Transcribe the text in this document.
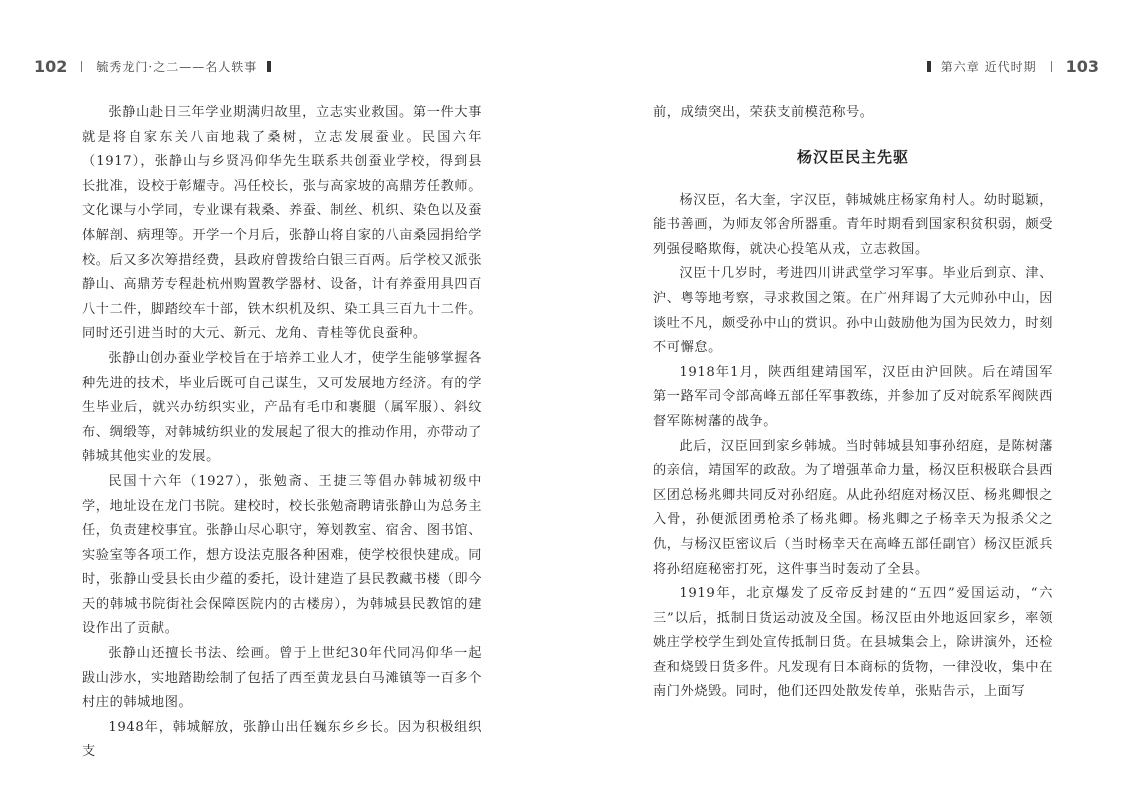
102 毓秀龙门·之二——名人轶事

张静山赴日三年学业期满归故里，立志实业救国。第一件大事就是将自家东关八亩地栽了桑树，立志发展蚕业。民国六年（1917），张静山与乡贤冯仰华先生联系共创蚕业学校，得到县长批准，设校于彰耀寺。冯任校长，张与高家坡的高鼎芳任教师。文化课与小学同，专业课有栽桑、养蚕、制丝、机织、染色以及蚕体解剖、病理等。开学一个月后，张静山将自家的八亩桑园捐给学校。后又多次筹措经费，县政府曾拨给白银三百两。后学校又派张静山、高鼎芳专程赴杭州购置教学器材、设备，计有养蚕用具四百八十二件，脚踏绞车十部，铁木织机及织、染工具三百九十二件。同时还引进当时的大元、新元、龙角、青桂等优良蚕种。

张静山创办蚕业学校旨在于培养工业人才，使学生能够掌握各种先进的技术，毕业后既可自己谋生，又可发展地方经济。有的学生毕业后，就兴办纺织实业，产品有毛巾和裹腿（属军服）、斜纹布、绸缎等，对韩城纺织业的发展起了很大的推动作用，亦带动了韩城其他实业的发展。

民国十六年（1927），张勉斋、王捷三等倡办韩城初级中学，地址设在龙门书院。建校时，校长张勉斋聘请张静山为总务主任，负责建校事宜。张静山尽心职守，筹划教室、宿舍、图书馆、实验室等各项工作，想方设法克服各种困难，使学校很快建成。同时，张静山受县长由少蕴的委托，设计建造了县民教藏书楼（即今天的韩城书院街社会保障医院内的古楼房），为韩城县民教馆的建设作出了贡献。

张静山还擅长书法、绘画。曾于上世纪30年代同冯仰华一起跋山涉水，实地踏勘绘制了包括了西至黄龙县白马滩镇等一百多个村庄的韩城地图。

1948年，韩城解放，张静山出任巍东乡乡长。因为积极组织支

第六章 近代时期 103

前，成绩突出，荣获支前模范称号。

杨汉臣民主先驱

杨汉臣，名大奎，字汉臣，韩城姚庄杨家角村人。幼时聪颖，能书善画，为师友邻舍所器重。青年时期看到国家积贫积弱，颇受列强侵略欺侮，就决心投笔从戎，立志救国。

汉臣十几岁时，考进四川讲武堂学习军事。毕业后到京、津、沪、粤等地考察，寻求救国之策。在广州拜谒了大元帅孙中山，因谈吐不凡，颇受孙中山的赏识。孙中山鼓励他为国为民效力，时刻不可懈怠。

1918年1月，陕西组建靖国军，汉臣由沪回陕。后在靖国军第一路军司令部高峰五部任军事教练，并参加了反对皖系军阀陕西督军陈树藩的战争。

此后，汉臣回到家乡韩城。当时韩城县知事孙绍庭，是陈树藩的亲信，靖国军的政敌。为了增强革命力量，杨汉臣积极联合县西区团总杨兆卿共同反对孙绍庭。从此孙绍庭对杨汉臣、杨兆卿恨之入骨，孙便派团勇枪杀了杨兆卿。杨兆卿之子杨幸天为报杀父之仇，与杨汉臣密议后（当时杨幸天在高峰五部任副官）杨汉臣派兵将孙绍庭秘密打死，这件事当时轰动了全县。

1919年，北京爆发了反帝反封建的“五四”爱国运动，“六三”以后，抵制日货运动波及全国。杨汉臣由外地返回家乡，率领姚庄学校学生到处宣传抵制日货。在县城集会上，除讲演外，还检查和烧毁日货多件。凡发现有日本商标的货物，一律没收，集中在南门外烧毁。同时，他们还四处散发传单，张贴告示，上面写
